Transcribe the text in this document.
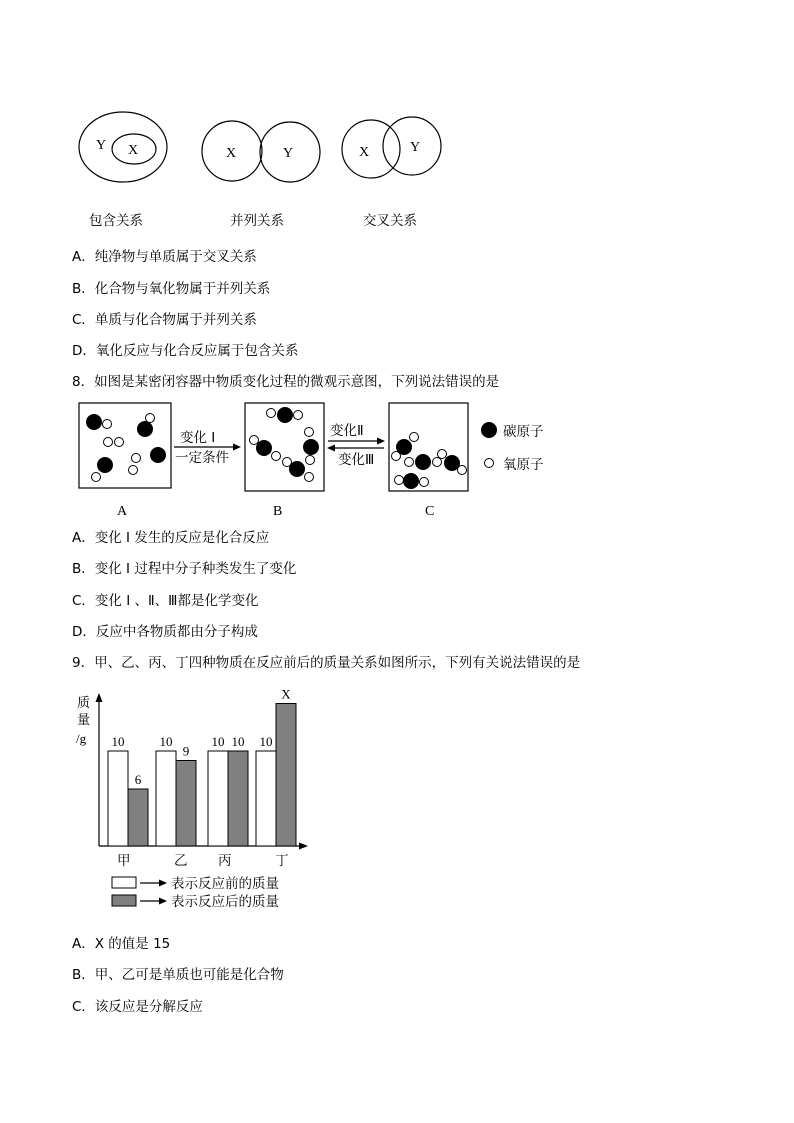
Y X	X	Y	X	Y
包含关系	并列关系	交叉关系
A．纯净物与单质属于交叉关系
B．化合物与氧化物属于并列关系
C．单质与化合物属于并列关系
D．氧化反应与化合反应属于包含关系
8．如图是某密闭容器中物质变化过程的微观示意图，下列说法错误的是
变化 I
一定条件
变化Ⅱ
变化Ⅲ
碳原子
氧原子
A	B	C
A．变化 I 发生的反应是化合反应
B．变化 I 过程中分子种类发生了变化
C．变化 I 、Ⅱ、Ⅲ都是化学变化
D．反应中各物质都由分子构成
9．甲、乙、丙、丁四种物质在反应前后的质量关系如图所示，下列有关说法错误的是
质
量
/g 10	10	10	10
6
9
10
X
甲	乙 丙	丁
表示反应前的质量
表示反应后的质量
A．X 的值是 15
B．甲、乙可是单质也可能是化合物
C．该反应是分解反应
